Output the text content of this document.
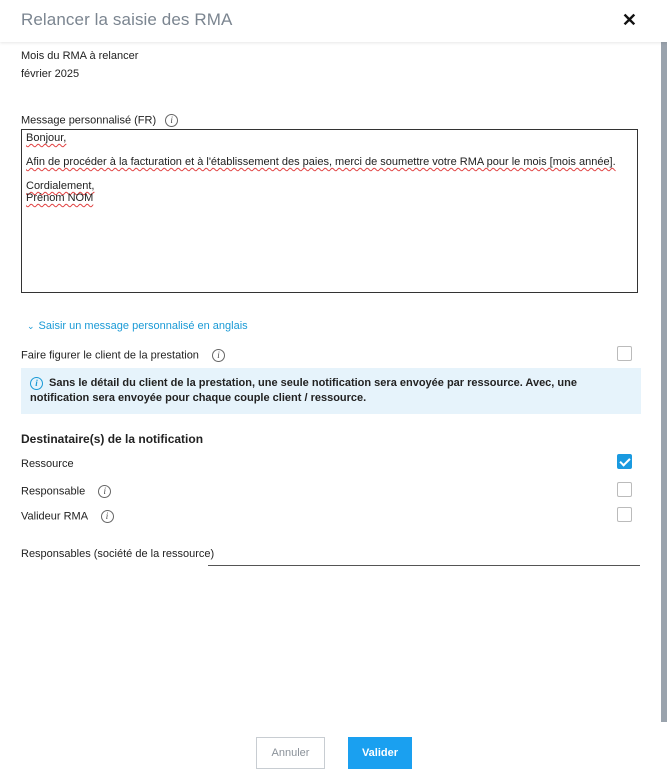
Relancer la saisie des RMA	✕
Mois du RMA à relancer
février 2025
Message personnalisé (FR) i
Bonjour,
Afin de procéder à la facturation et à l'établissement des paies, merci de soumettre votre RMA pour le mois [mois année].
Cordialement,
Prénom NOM
⌄ Saisir un message personnalisé en anglais
Faire figurer le client de la prestation i
i Sans le détail du client de la prestation, une seule notification sera envoyée par ressource. Avec, une notification sera envoyée pour chaque couple client / ressource.
Destinataire(s) de la notification
Ressource
Responsable i
Valideur RMA i
Responsables (société de la ressource)
Annuler	Valider
